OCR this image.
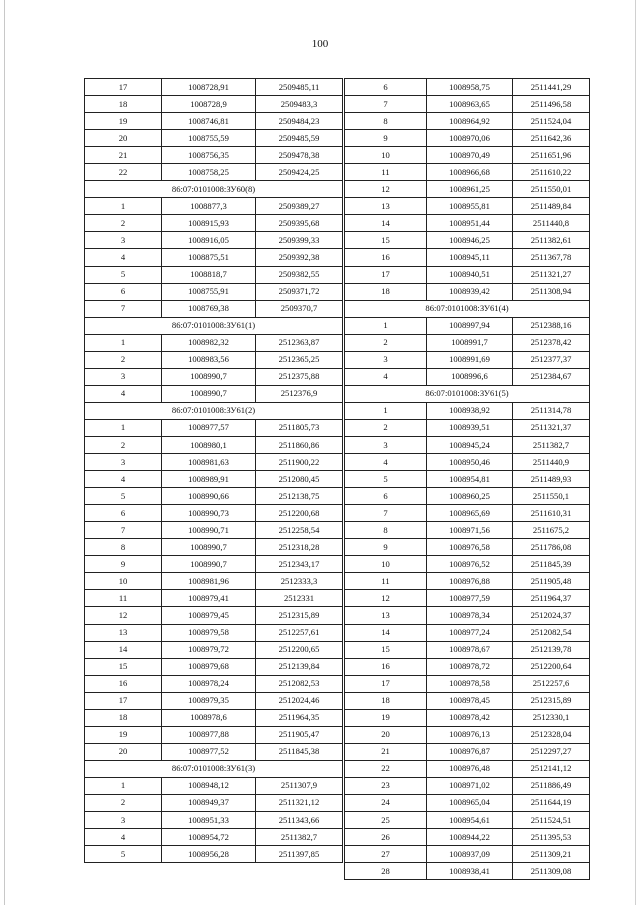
100
17	1008728,91	2509485,11
18	1008728,9	2509483,3
19	1008746,81	2509484,23
20	1008755,59	2509485,59
21	1008756,35	2509478,38
22	1008758,25	2509424,25
86:07:0101008:ЗУ60(8)		
1	1008877,3	2509389,27
2	1008915,93	2509395,68
3	1008916,05	2509399,33
4	1008875,51	2509392,38
5	1008818,7	2509382,55
6	1008755,91	2509371,72
7	1008769,38	2509370,7
86:07:0101008:ЗУ61(1)		
1	1008982,32	2512363,87
2	1008983,56	2512365,25
3	1008990,7	2512375,88
4	1008990,7	2512376,9
86:07:0101008:ЗУ61(2)		
1	1008977,57	2511805,73
2	1008980,1	2511860,86
3	1008981,63	2511900,22
4	1008989,91	2512080,45
5	1008990,66	2512138,75
6	1008990,73	2512200,68
7	1008990,71	2512258,54
8	1008990,7	2512318,28
9	1008990,7	2512343,17
10	1008981,96	2512333,3
11	1008979,41	2512331
12	1008979,45	2512315,89
13	1008979,58	2512257,61
14	1008979,72	2512200,65
15	1008979,68	2512139,84
16	1008978,24	2512082,53
17	1008979,35	2512024,46
18	1008978,6	2511964,35
19	1008977,88	2511905,47
20	1008977,52	2511845,38
86:07:0101008:ЗУ61(3)		
1	1008948,12	2511307,9
2	1008949,37	2511321,12
3	1008951,33	2511343,66
4	1008954,72	2511382,7
5	1008956,28	2511397,85
6	1008958,75	2511441,29
7	1008963,65	2511496,58
8	1008964,92	2511524,04
9	1008970,06	2511642,36
10	1008970,49	2511651,96
11	1008966,68	2511610,22
12	1008961,25	2511550,01
13	1008955,81	2511489,84
14	1008951,44	2511440,8
15	1008946,25	2511382,61
16	1008945,11	2511367,78
17	1008940,51	2511321,27
18	1008939,42	2511308,94
86:07:0101008:ЗУ61(4)		
1	1008997,94	2512388,16
2	1008991,7	2512378,42
3	1008991,69	2512377,37
4	1008996,6	2512384,67
86:07:0101008:ЗУ61(5)		
1	1008938,92	2511314,78
2	1008939,51	2511321,37
3	1008945,24	2511382,7
4	1008950,46	2511440,9
5	1008954,81	2511489,93
6	1008960,25	2511550,1
7	1008965,69	2511610,31
8	1008971,56	2511675,2
9	1008976,58	2511786,08
10	1008976,52	2511845,39
11	1008976,88	2511905,48
12	1008977,59	2511964,37
13	1008978,34	2512024,37
14	1008977,24	2512082,54
15	1008978,67	2512139,78
16	1008978,72	2512200,64
17	1008978,58	2512257,6
18	1008978,45	2512315,89
19	1008978,42	2512330,1
20	1008976,13	2512328,04
21	1008976,87	2512297,27
22	1008976,48	2512141,12
23	1008971,02	2511886,49
24	1008965,04	2511644,19
25	1008954,61	2511524,51
26	1008944,22	2511395,53
27	1008937,09	2511309,21
28	1008938,41	2511309,08
